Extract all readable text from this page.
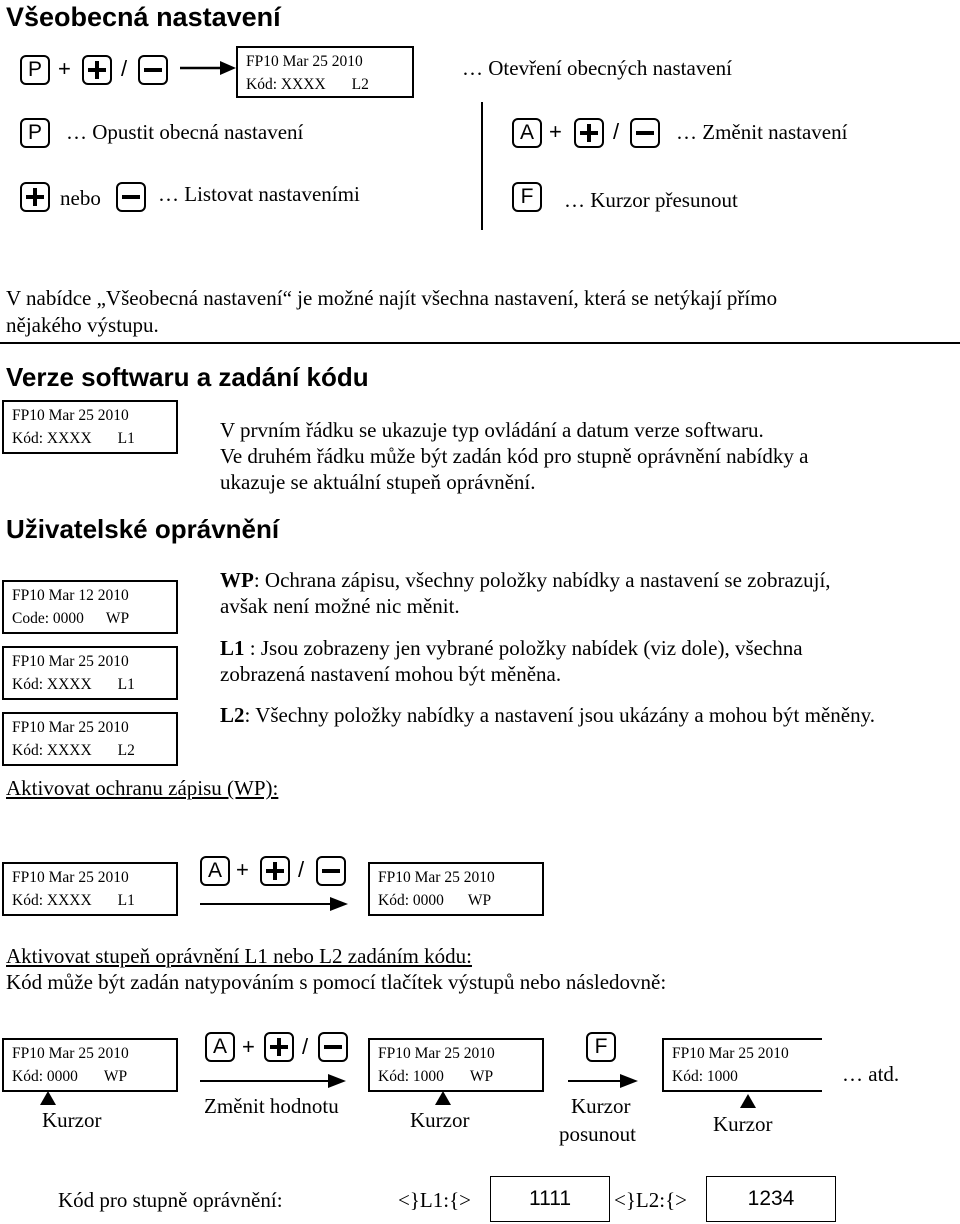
Všeobecná nastavení
P + /	FP10 Mar 25 2010
Kód: XXXX L2
… Otevření obecných nastavení
P … Opustit obecná nastavení
nebo	… Listovat nastaveními
A + /	… Změnit nastavení
F … Kurzor přesunout
V nabídce „Všeobecná nastavení“ je možné najít všechna nastavení, která se netýkají přímo
nějakého výstupu.
Verze softwaru a zadání kódu
FP10 Mar 25 2010
Kód: XXXX L1	V prvním řádku se ukazuje typ ovládání a datum verze softwaru.
Ve druhém řádku může být zadán kód pro stupně oprávnění nabídky a
ukazuje se aktuální stupeň oprávnění.
Uživatelské oprávnění
FP10 Mar 12 2010
Code: 0000 WP
FP10 Mar 25 2010
Kód: XXXX L1
FP10 Mar 25 2010
Kód: XXXX L2
WP: Ochrana zápisu, všechny položky nabídky a nastavení se zobrazují,
avšak není možné nic měnit.
L1 : Jsou zobrazeny jen vybrané položky nabídek (viz dole), všechna
zobrazená nastavení mohou být měněna.
L2: Všechny položky nabídky a nastavení jsou ukázány a mohou být měněny.
Aktivovat ochranu zápisu (WP):
FP10 Mar 25 2010
Kód: XXXX L1
A + /	FP10 Mar 25 2010
Kód: 0000 WP
Aktivovat stupeň oprávnění L1 nebo L2 zadáním kódu:
Kód může být zadán natypováním s pomocí tlačítek výstupů nebo následovně:
FP10 Mar 25 2010
Kód: 0000 WP
Kurzor
A + /
Změnit hodnotu
FP10 Mar 25 2010
Kód: 1000 WP
Kurzor
F
Kurzor
posunout
FP10 Mar 25 2010
Kód: 1000
Kurzor
… atd.
Kód pro stupně oprávnění:	<}L1:{>	1111	<}L2:{>	1234
